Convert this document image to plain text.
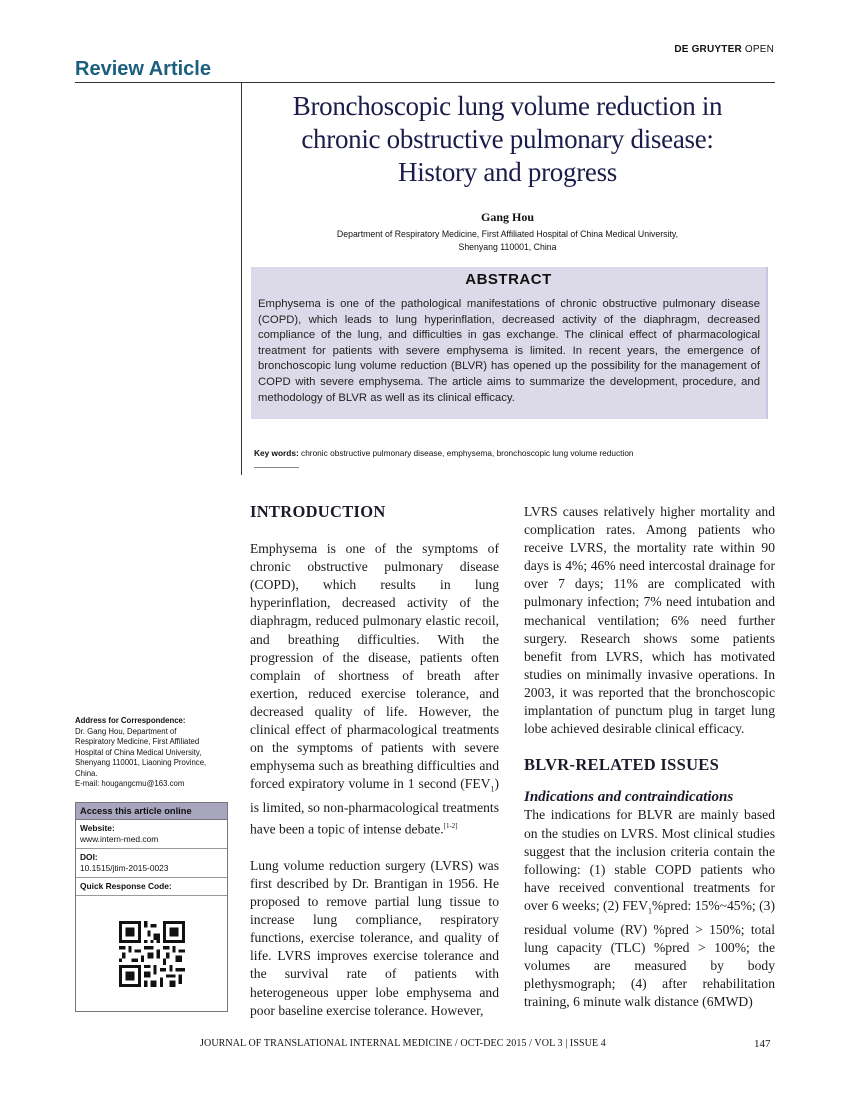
DE GRUYTER OPEN
Review Article
Bronchoscopic lung volume reduction in
chronic obstructive pulmonary disease:
History and progress
Gang Hou
Department of Respiratory Medicine, First Affiliated Hospital of China Medical University,
Shenyang 110001, China
ABSTRACT
Emphysema is one of the pathological manifestations of chronic obstructive pulmonary disease (COPD), which leads to lung hyperinflation, decreased activity of the diaphragm, decreased compliance of the lung, and difficulties in gas exchange. The clinical effect of pharmacological treatment for patients with severe emphysema is limited. In recent years, the emergence of bronchoscopic lung volume reduction (BLVR) has opened up the possibility for the management of COPD with severe emphysema. The article aims to summarize the development, procedure, and methodology of BLVR as well as its clinical efficacy.
Key words: chronic obstructive pulmonary disease, emphysema, bronchoscopic lung volume reduction
Address for Correspondence:
Dr. Gang Hou, Department of
Respiratory Medicine, First Affiliated
Hospital of China Medical University,
Shenyang 110001, Liaoning Province,
China.
E-mail: hougangcmu@163.com
Access this article online
Website:
www.intern-med.com
DOI:
10.1515/jtim-2015-0023
Quick Response Code:
INTRODUCTION

Emphysema is one of the symptoms of chronic obstructive pulmonary disease (COPD), which results in lung hyperinflation, decreased activity of the diaphragm, reduced pulmonary elastic recoil, and breathing difficulties. With the progression of the disease, patients often complain of shortness of breath after exertion, reduced exercise tolerance, and decreased quality of life. However, the clinical effect of pharmacological treatments on the symptoms of patients with severe emphysema such as breathing difficulties and forced expiratory volume in 1 second $(FEV_1)$ is limited, so non-pharmacological treatments have been a topic of intense debate.[1-2]

Lung volume reduction surgery (LVRS) was first described by Dr. Brantigan in 1956. He proposed to remove partial lung tissue to increase lung compliance, respiratory functions, exercise tolerance, and quality of life. LVRS improves exercise tolerance and the survival rate of patients with heterogeneous upper lobe emphysema and poor baseline exercise tolerance. However,

LVRS causes relatively higher mortality and complication rates. Among patients who receive LVRS, the mortality rate within 90 days is 4%; 46% need intercostal drainage for over 7 days; 11% are complicated with pulmonary infection; 7% need intubation and mechanical ventilation; 6% need further surgery. Research shows some patients benefit from LVRS, which has motivated studies on minimally invasive operations. In 2003, it was reported that the bronchoscopic implantation of punctum plug in target lung lobe achieved desirable clinical efficacy.

BLVR-RELATED ISSUES
Indications and contraindications

The indications for BLVR are mainly based on the studies on LVRS. Most clinical studies suggest that the inclusion criteria contain the following: (1) stable COPD patients who have received conventional treatments for over 6 weeks; (2) $FEV_1\%pred$: 15%~45%; (3) residual volume (RV) %pred > 150%; total lung capacity (TLC) %pred > 100%; the volumes are measured by body plethysmograph; (4) after rehabilitation training, 6 minute walk distance (6MWD)

JOURNAL OF TRANSLATIONAL INTERNAL MEDICINE / OCT-DEC 2015 / VOL 3 | ISSUE 4	147
